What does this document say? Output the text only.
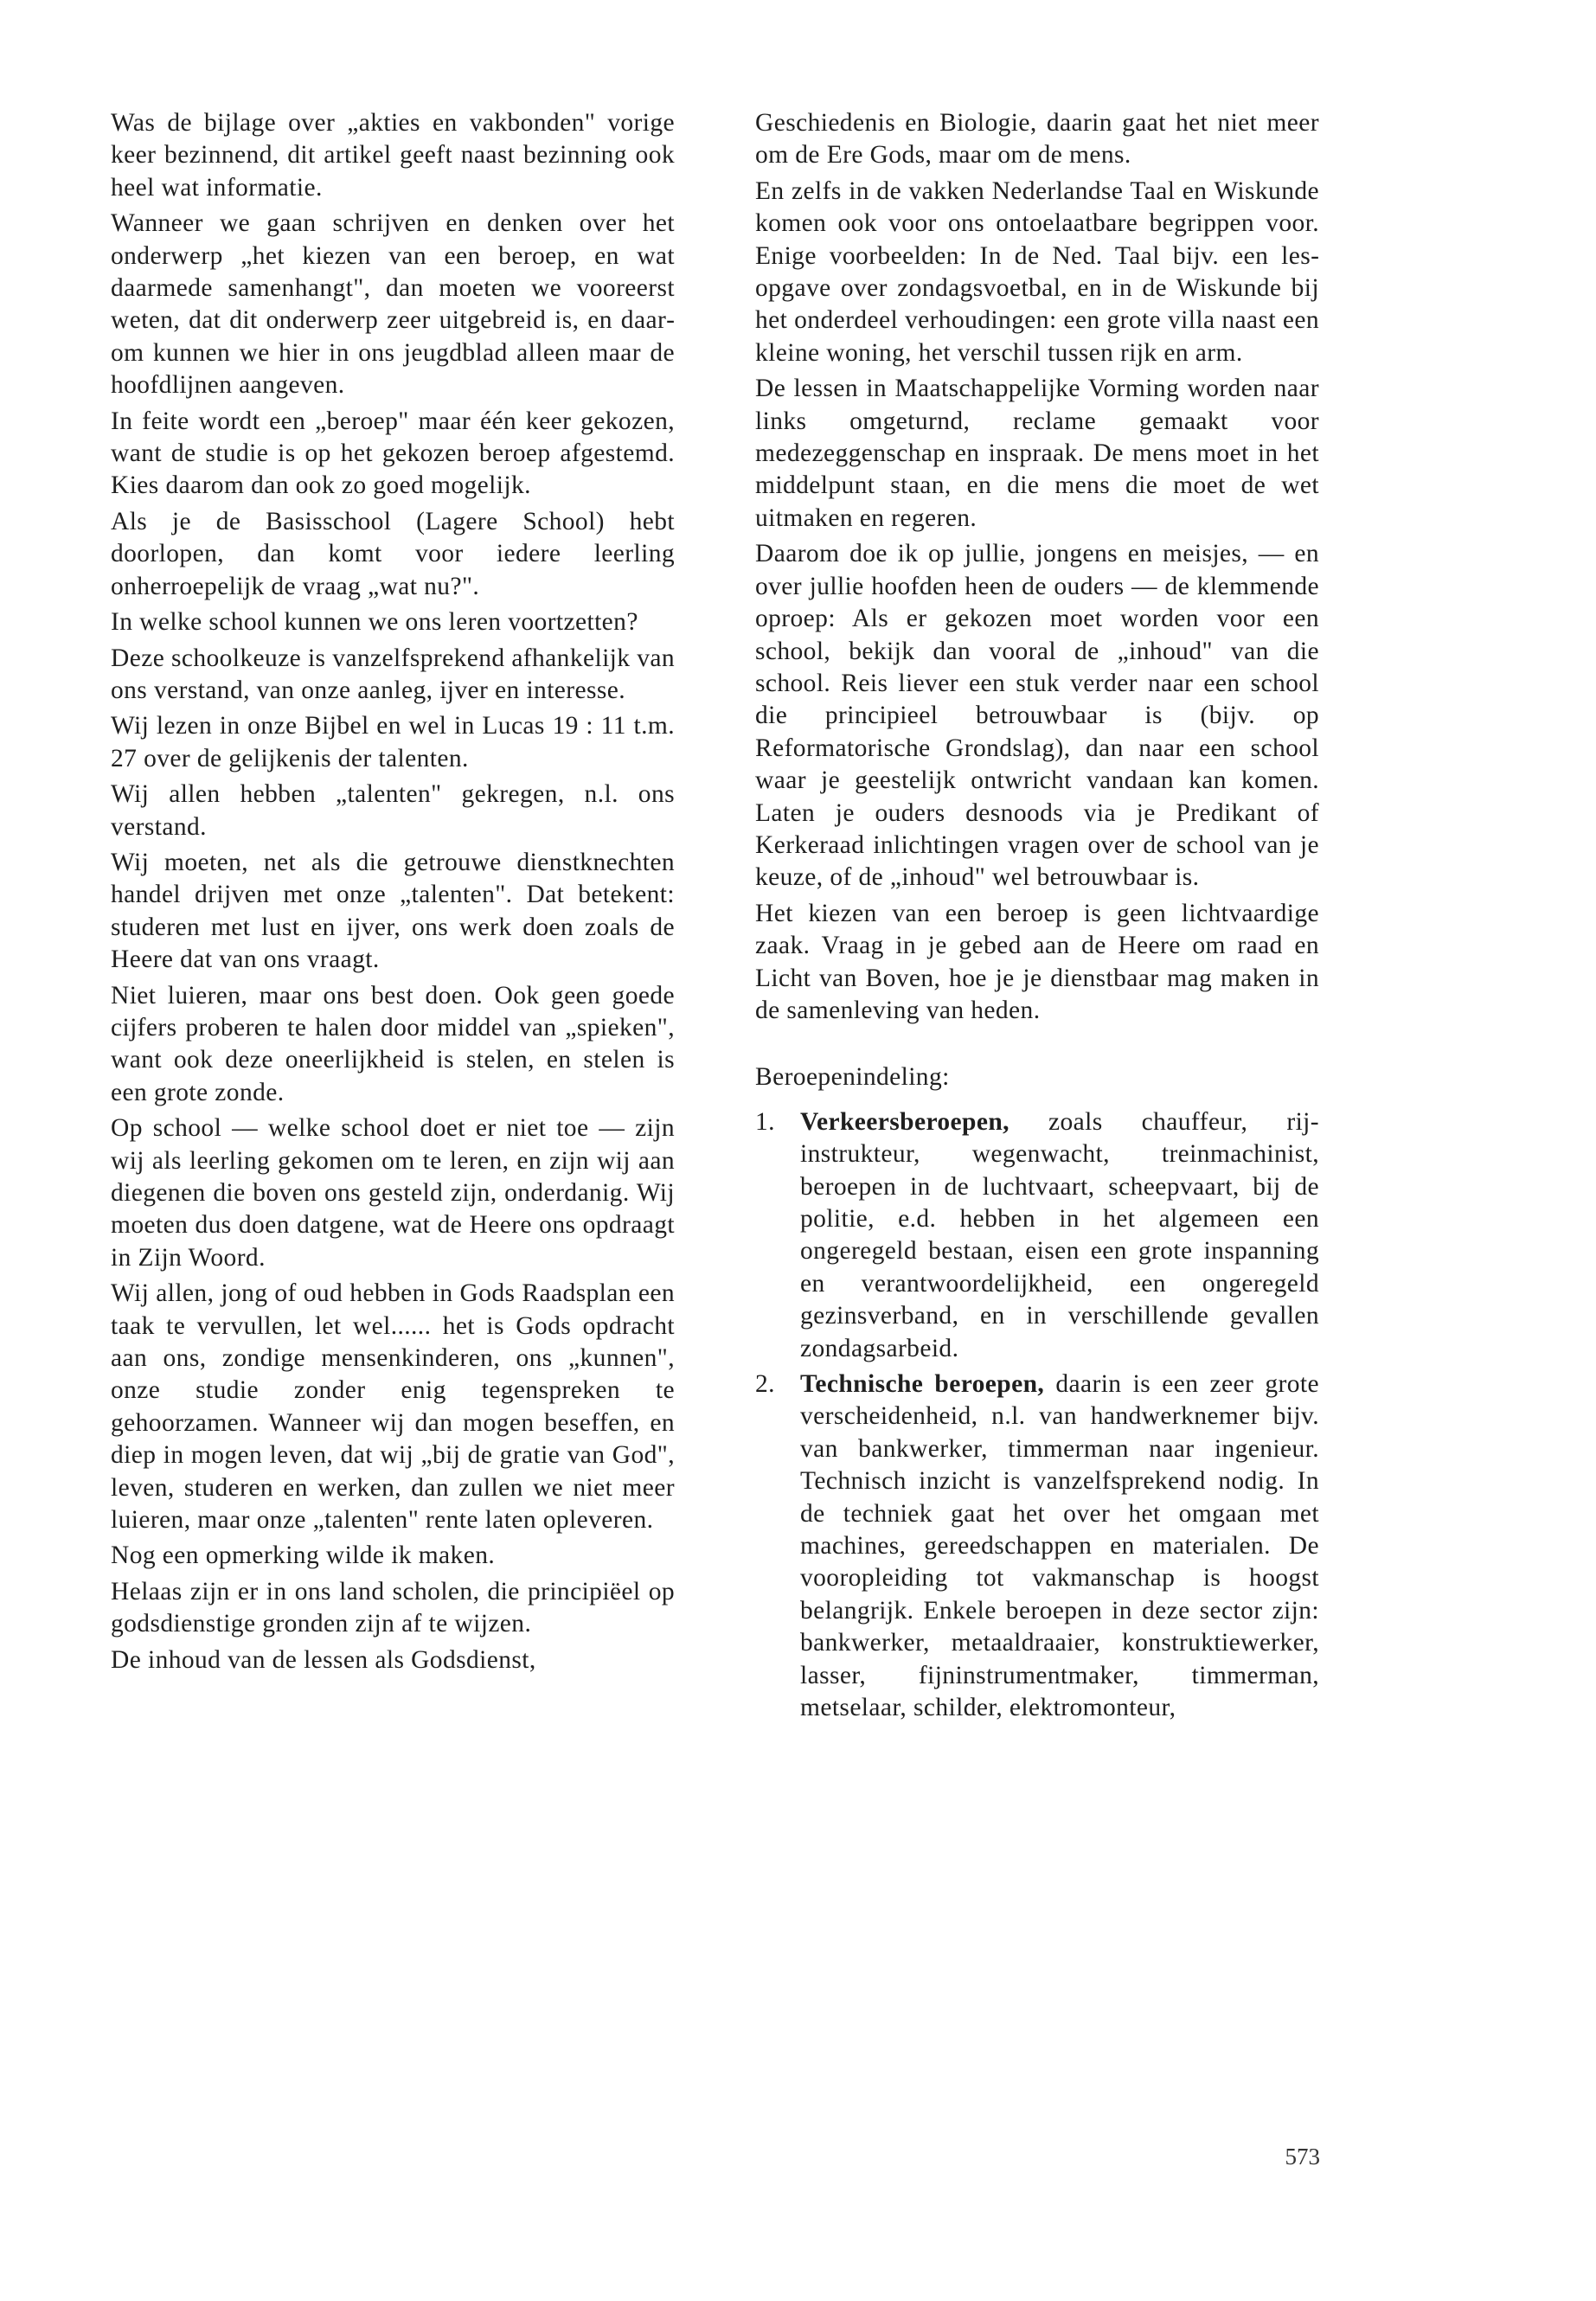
Was de bijlage over „akties en vakbonden" vorige keer bezinnend, dit artikel geeft naast bezinning ook heel wat informatie.

Wanneer we gaan schrijven en denken over het onderwerp „het kiezen van een beroep, en wat daarmede samenhangt", dan moeten we vooreerst weten, dat dit onderwerp zeer uitgebreid is, en daarom kunnen we hier in ons jeugdblad alleen maar de hoofdlijnen aangeven.

In feite wordt een „beroep" maar één keer gekozen, want de studie is op het gekozen beroep afgestemd. Kies daarom dan ook zo goed mogelijk.

Als je de Basisschool (Lagere School) hebt doorlopen, dan komt voor iedere leerling onherroepelijk de vraag „wat nu?".

In welke school kunnen we ons leren voortzetten?

Deze schoolkeuze is vanzelfsprekend afhankelijk van ons verstand, van onze aanleg, ijver en interesse.

Wij lezen in onze Bijbel en wel in Lucas 19 : 11 t.m. 27 over de gelijkenis der talenten.

Wij allen hebben „talenten" gekregen, n.l. ons verstand.

Wij moeten, net als die getrouwe dienstknechten handel drijven met onze „talenten". Dat betekent: studeren met lust en ijver, ons werk doen zoals de Heere dat van ons vraagt.

Niet luieren, maar ons best doen. Ook geen goede cijfers proberen te halen door middel van „spieken", want ook deze oneerlijkheid is stelen, en stelen is een grote zonde.

Op school — welke school doet er niet toe — zijn wij als leerling gekomen om te leren, en zijn wij aan diegenen die boven ons gesteld zijn, onderdanig. Wij moeten dus doen datgene, wat de Heere ons opdraagt in Zijn Woord.

Wij allen, jong of oud hebben in Gods Raadsplan een taak te vervullen, let wel...... het is Gods opdracht aan ons, zondige mensenkinderen, ons „kunnen", onze studie zonder enig tegenspreken te gehoorzamen. Wanneer wij dan mogen beseffen, en diep in mogen leven, dat wij „bij de gratie van God", leven, studeren en werken, dan zullen we niet meer luieren, maar onze „talenten" rente laten opleveren.

Nog een opmerking wilde ik maken.

Helaas zijn er in ons land scholen, die principiëel op godsdienstige gronden zijn af te wijzen.

De inhoud van de lessen als Godsdienst,

Geschiedenis en Biologie, daarin gaat het niet meer om de Ere Gods, maar om de mens.

En zelfs in de vakken Nederlandse Taal en Wiskunde komen ook voor ons ontoelaatbare begrippen voor. Enige voorbeelden: In de Ned. Taal bijv. een lesopgave over zondagsvoetbal, en in de Wiskunde bij het onderdeel verhoudingen: een grote villa naast een kleine woning, het verschil tussen rijk en arm.

De lessen in Maatschappelijke Vorming worden naar links omgeturnd, reclame gemaakt voor medezeggenschap en inspraak. De mens moet in het middelpunt staan, en die mens die moet de wet uitmaken en regeren.

Daarom doe ik op jullie, jongens en meisjes, — en over jullie hoofden heen de ouders — de klemmende oproep: Als er gekozen moet worden voor een school, bekijk dan vooral de „inhoud" van die school. Reis liever een stuk verder naar een school die principieel betrouwbaar is (bijv. op Reformatorische Grondslag), dan naar een school waar je geestelijk ontwricht vandaan kan komen. Laten je ouders desnoods via je Predikant of Kerkeraad inlichtingen vragen over de school van je keuze, of de „inhoud" wel betrouwbaar is.

Het kiezen van een beroep is geen lichtvaardige zaak. Vraag in je gebed aan de Heere om raad en Licht van Boven, hoe je je dienstbaar mag maken in de samenleving van heden.

Beroepenindeling:

1. Verkeersberoepen, zoals chauffeur, rij-instrukteur, wegenwacht, treinmachinist, beroepen in de luchtvaart, scheepvaart, bij de politie, e.d. hebben in het algemeen een ongeregeld bestaan, eisen een grote inspanning en verantwoordelijkheid, een ongeregeld gezinsverband, en in verschillende gevallen zondagsarbeid.
2. Technische beroepen, daarin is een zeer grote verscheidenheid, n.l. van handwerknemer bijv. van bankwerker, timmerman naar ingenieur. Technisch inzicht is vanzelfsprekend nodig. In de techniek gaat het over het omgaan met machines, gereedschappen en materialen. De vooropleiding tot vakmanschap is hoogst belangrijk. Enkele beroepen in deze sector zijn: bankwerker, metaaldraaier, konstruktiewerker, lasser, fijninstrumentmaker, timmerman, metselaar, schilder, elektromonteur,
573
